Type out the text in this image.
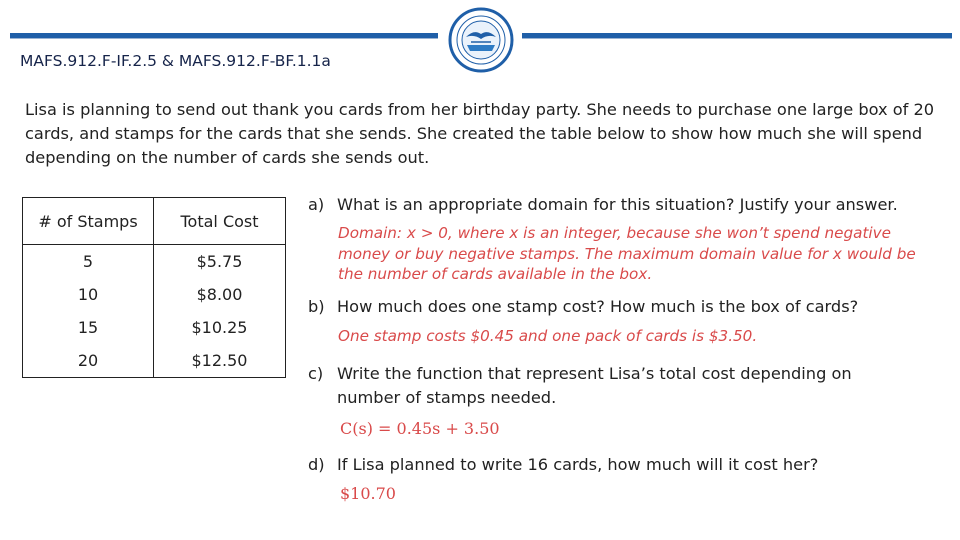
MAFS.912.F-IF.2.5 & MAFS.912.F-BF.1.1a
Lisa is planning to send out thank you cards from her birthday party. She needs to purchase one large box of 20 cards, and stamps for the cards that she sends. She created the table below to show how much she will spend depending on the number of cards she sends out.
# of Stamps	Total Cost
5	$5.75
10	$8.00
15	$10.25
20	$12.50
a) What is an appropriate domain for this situation? Justify your answer.
Domain: x > 0, where x is an integer, because she won’t spend negative money or buy negative stamps. The maximum domain value for x would be the number of cards available in the box.
b) How much does one stamp cost? How much is the box of cards?
One stamp costs $0.45 and one pack of cards is $3.50.
c) Write the function that represent Lisa’s total cost depending on number of stamps needed.
C(s) = 0.45s + 3.50
d) If Lisa planned to write 16 cards, how much will it cost her?
$10.70
